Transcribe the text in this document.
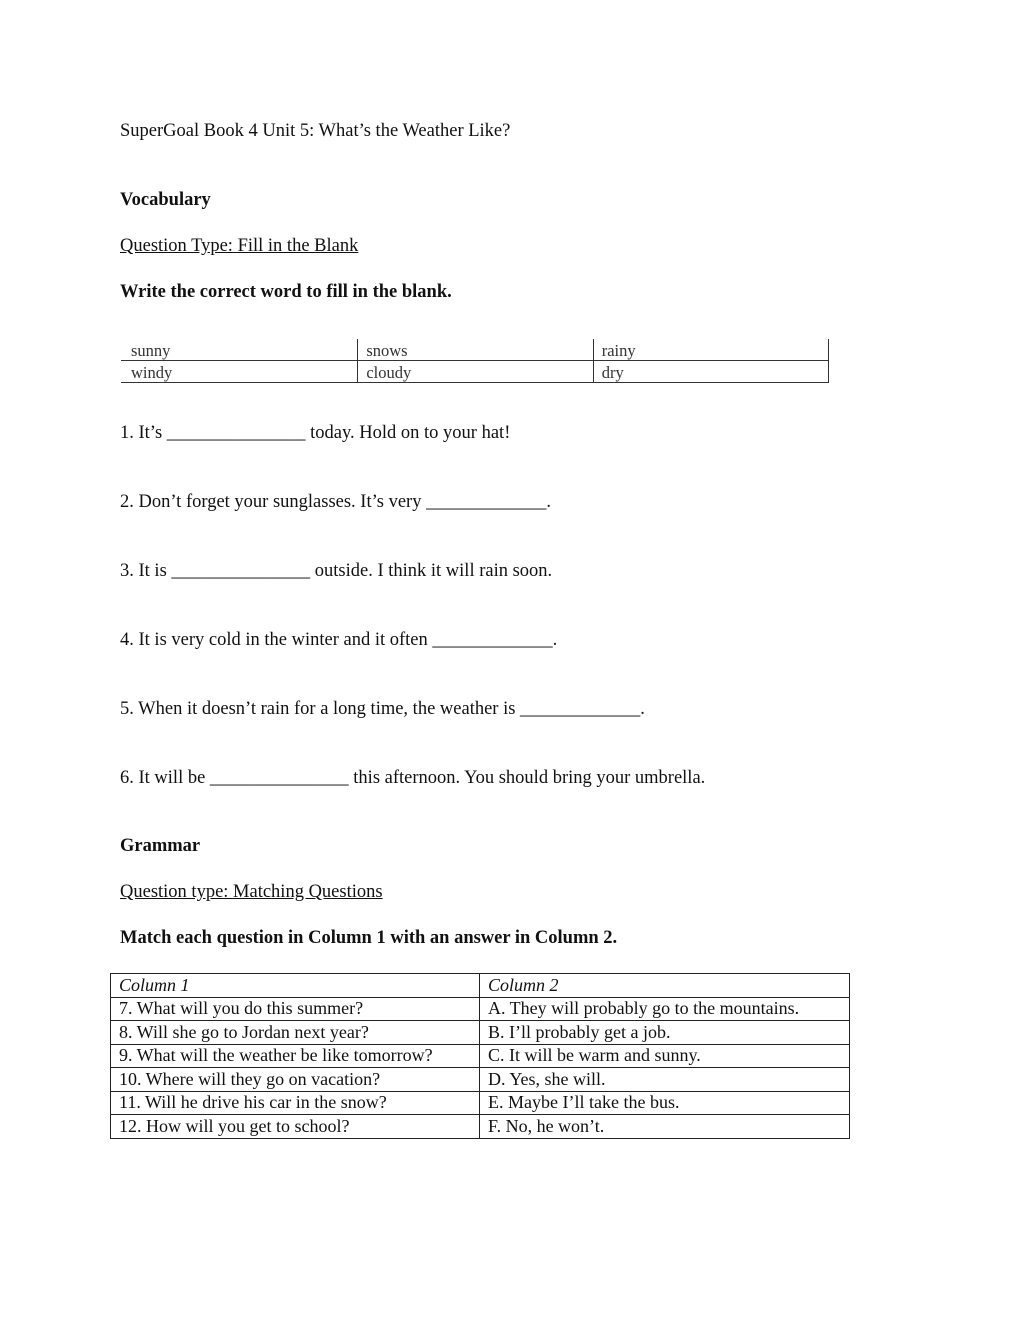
SuperGoal Book 4 Unit 5: What’s the Weather Like?
Vocabulary
Question Type: Fill in the Blank
Write the correct word to fill in the blank.
sunny	snows	rainy
windy	cloudy	dry
1. It’s _______________ today. Hold on to your hat!
2. Don’t forget your sunglasses. It’s very _____________.
3. It is _______________ outside. I think it will rain soon.
4. It is very cold in the winter and it often _____________.
5. When it doesn’t rain for a long time, the weather is _____________.
6. It will be _______________ this afternoon. You should bring your umbrella.
Grammar
Question type: Matching Questions
Match each question in Column 1 with an answer in Column 2.
Column 1	Column 2
7. What will you do this summer?	A. They will probably go to the mountains.
8. Will she go to Jordan next year?	B. I’ll probably get a job.
9. What will the weather be like tomorrow?	C. It will be warm and sunny.
10. Where will they go on vacation?	D. Yes, she will.
11. Will he drive his car in the snow?	E. Maybe I’ll take the bus.
12. How will you get to school?	F. No, he won’t.
